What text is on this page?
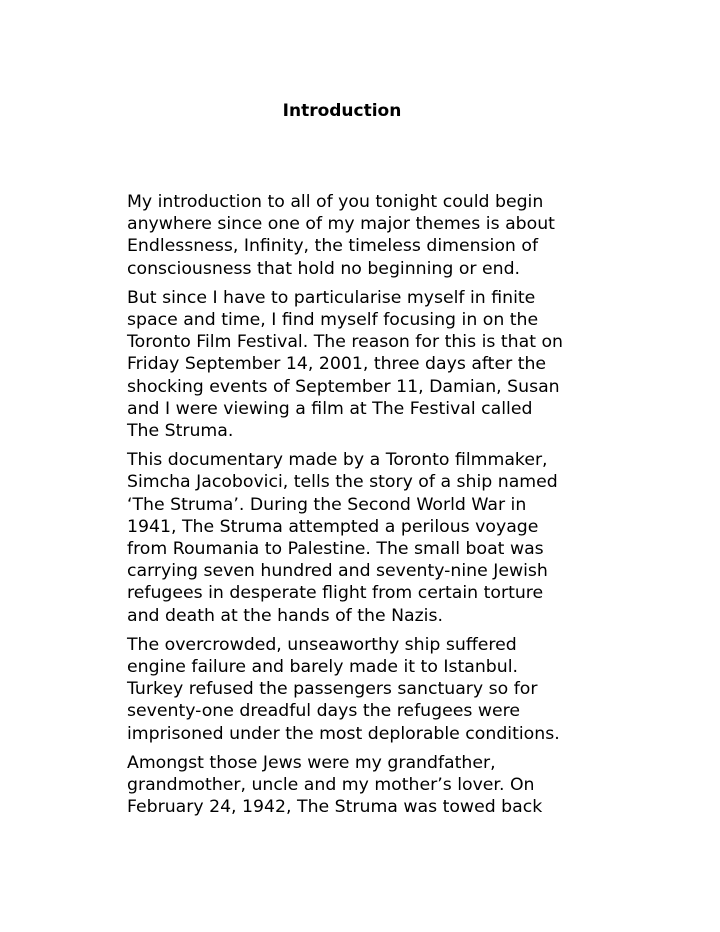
Introduction

My introduction to all of you tonight could begin
anywhere since one of my major themes is about
Endlessness, Infinity, the timeless dimension of
consciousness that hold no beginning or end.

But since I have to particularise myself in finite
space and time, I find myself focusing in on the
Toronto Film Festival. The reason for this is that on
Friday September 14, 2001, three days after the
shocking events of September 11, Damian, Susan
and I were viewing a film at The Festival called
The Struma.

This documentary made by a Toronto filmmaker,
Simcha Jacobovici, tells the story of a ship named
‘The Struma’. During the Second World War in
1941, The Struma attempted a perilous voyage
from Roumania to Palestine. The small boat was
carrying seven hundred and seventy-nine Jewish
refugees in desperate flight from certain torture
and death at the hands of the Nazis.

The overcrowded, unseaworthy ship suffered
engine failure and barely made it to Istanbul.
Turkey refused the passengers sanctuary so for
seventy-one dreadful days the refugees were
imprisoned under the most deplorable conditions.

Amongst those Jews were my grandfather,
grandmother, uncle and my mother’s lover. On
February 24, 1942, The Struma was towed back
